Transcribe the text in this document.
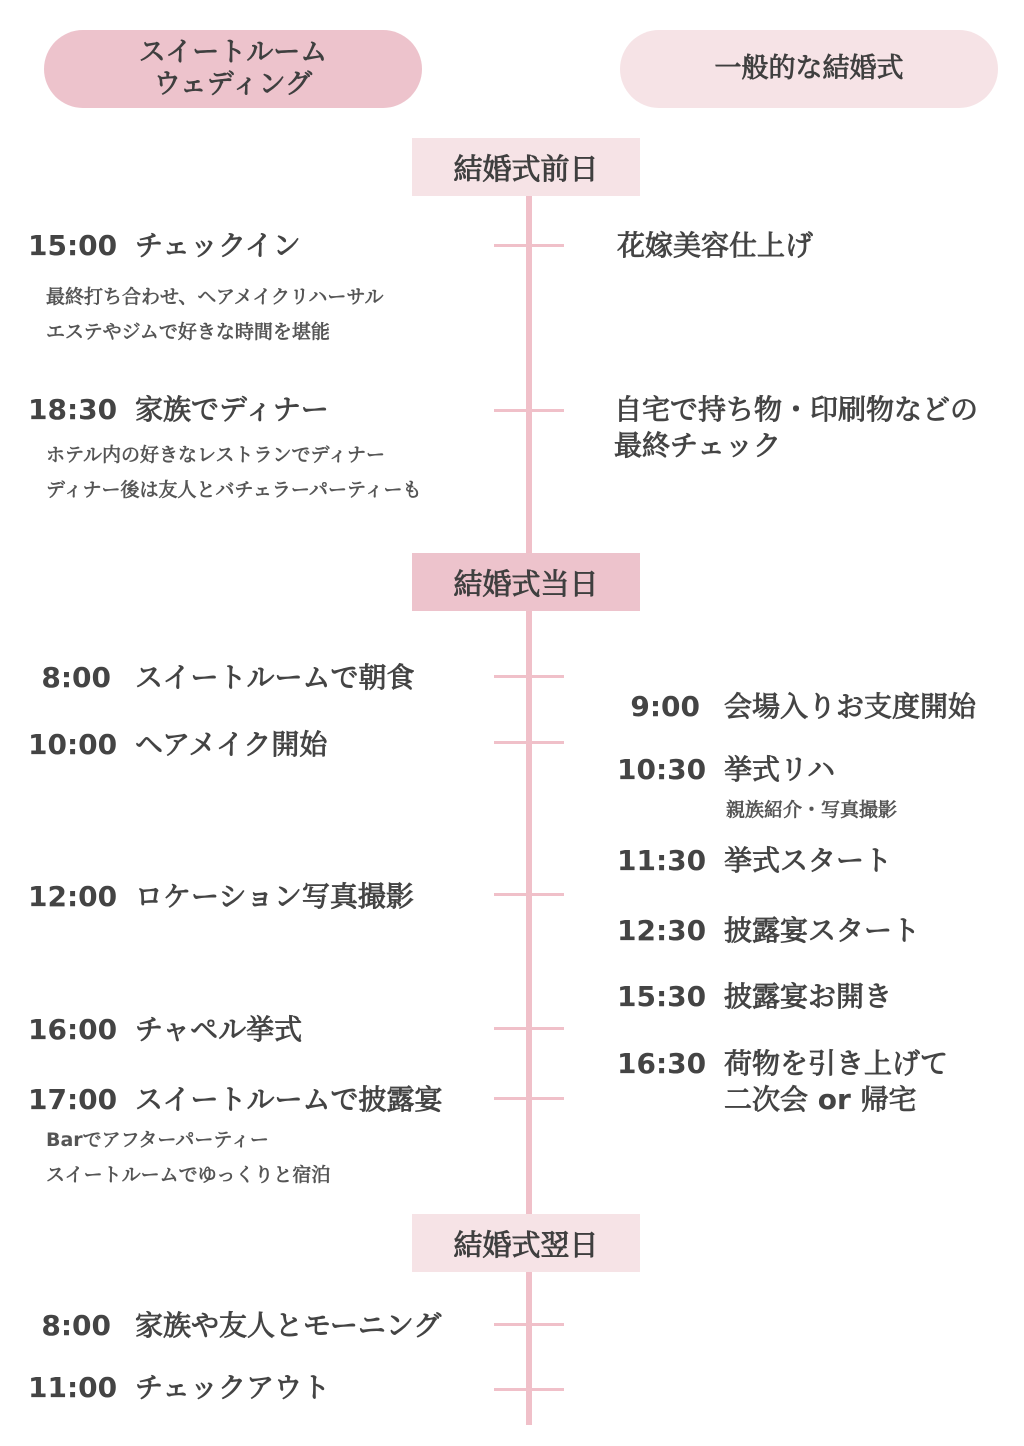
スイートルーム
ウェディング
一般的な結婚式
結婚式前日
結婚式当日
結婚式翌日
15:00 チェックイン
最終打ち合わせ、ヘアメイクリハーサル
エステやジムで好きな時間を堪能
18:30 家族でディナー
ホテル内の好きなレストランでディナー
ディナー後は友人とバチェラーパーティーも
8:00 スイートルームで朝食
10:00 ヘアメイク開始
12:00 ロケーション写真撮影
16:00 チャペル挙式
17:00 スイートルームで披露宴
Barでアフターパーティー
スイートルームでゆっくりと宿泊
8:00 家族や友人とモーニング
11:00 チェックアウト
花嫁美容仕上げ
自宅で持ち物・印刷物などの
最終チェック
9:00 会場入りお支度開始
10:30 挙式リハ
親族紹介・写真撮影
11:30 挙式スタート
12:30 披露宴スタート
15:30 披露宴お開き
16:30 荷物を引き上げて
二次会 or 帰宅
